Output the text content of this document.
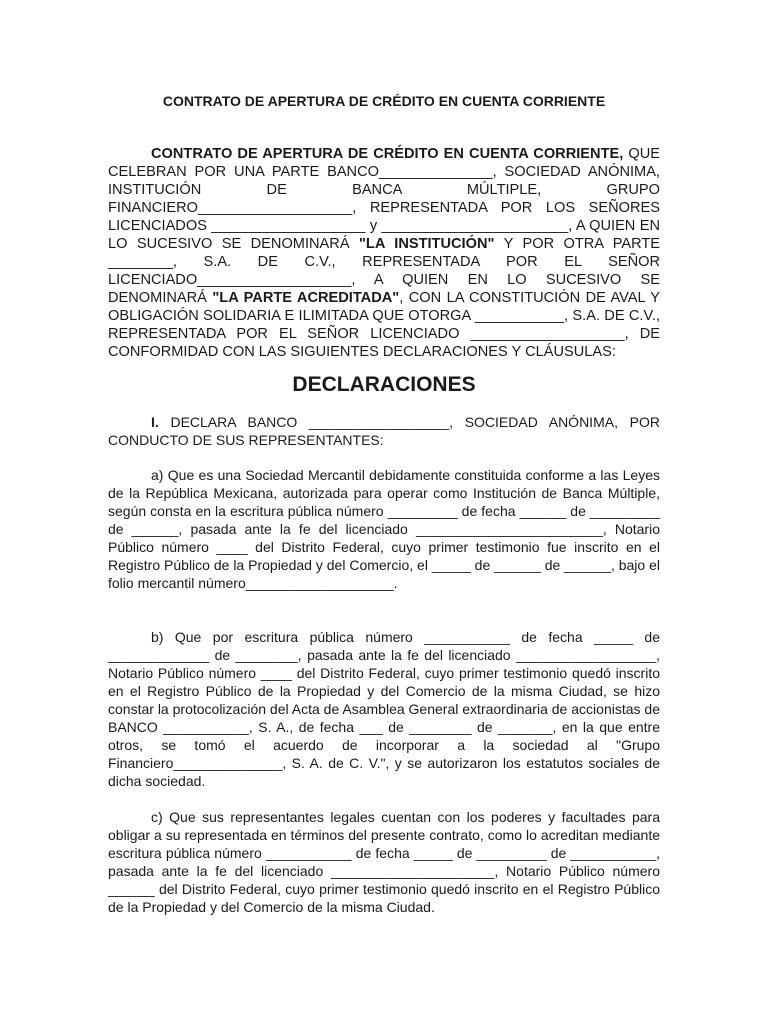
CONTRATO DE APERTURA DE CRÉDITO EN CUENTA CORRIENTE

CONTRATO DE APERTURA DE CRÉDITO EN CUENTA CORRIENTE, QUE CELEBRAN POR UNA PARTE BANCO______________, SOCIEDAD ANÓNIMA, INSTITUCIÓN DE BANCA MÚLTIPLE, GRUPO FINANCIERO___________________, REPRESENTADA POR LOS SEÑORES LICENCIADOS ___________________ y _______________________, A QUIEN EN LO SUCESIVO SE DENOMINARÁ "LA INSTITUCIÓN" Y POR OTRA PARTE ________, S.A. DE C.V., REPRESENTADA POR EL SEÑOR LICENCIADO___________________, A QUIEN EN LO SUCESIVO SE DENOMINARÁ "LA PARTE ACREDITADA", CON LA CONSTITUCIÓN DE AVAL Y OBLIGACIÓN SOLIDARIA E ILIMITADA QUE OTORGA ___________, S.A. DE C.V., REPRESENTADA POR EL SEÑOR LICENCIADO ___________________, DE CONFORMIDAD CON LAS SIGUIENTES DECLARACIONES Y CLÁUSULAS:

DECLARACIONES

I. DECLARA BANCO __________________, SOCIEDAD ANÓNIMA, POR CONDUCTO DE SUS REPRESENTANTES:

a) Que es una Sociedad Mercantil debidamente constituida conforme a las Leyes de la República Mexicana, autorizada para operar como Institución de Banca Múltiple, según consta en la escritura pública número _________ de fecha ______ de _________ de ______, pasada ante la fe del licenciado ________________________, Notario Público número ____ del Distrito Federal, cuyo primer testimonio fue inscrito en el Registro Público de la Propiedad y del Comercio, el _____ de ______ de ______, bajo el folio mercantil número___________________.

b) Que por escritura pública número ___________ de fecha _____ de _____________ de ________, pasada ante la fe del licenciado __________________, Notario Público número ____ del Distrito Federal, cuyo primer testimonio quedó inscrito en el Registro Público de la Propiedad y del Comercio de la misma Ciudad, se hizo constar la protocolización del Acta de Asamblea General extraordinaria de accionistas de BANCO ___________, S. A., de fecha ___ de ________ de _______, en la que entre otros, se tomó el acuerdo de incorporar a la sociedad al "Grupo Financiero______________, S. A. de C. V.", y se autorizaron los estatutos sociales de dicha sociedad.

c) Que sus representantes legales cuentan con los poderes y facultades para obligar a su representada en términos del presente contrato, como lo acreditan mediante escritura pública número ___________ de fecha _____ de _________ de ___________, pasada ante la fe del licenciado _____________________, Notario Público número ______ del Distrito Federal, cuyo primer testimonio quedó inscrito en el Registro Público de la Propiedad y del Comercio de la misma Ciudad.
